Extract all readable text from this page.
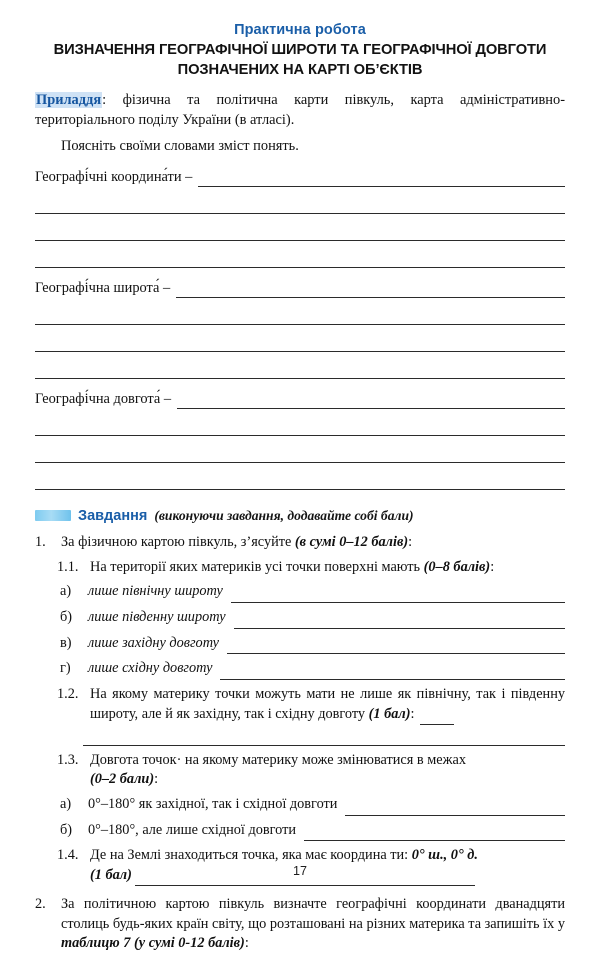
Практична робота
ВИЗНАЧЕННЯ ГЕОГРАФІЧНОЇ ШИРОТИ ТА ГЕОГРАФІЧНОЇ ДОВГОТИ
ПОЗНАЧЕНИХ НА КАРТІ ОБ’ЄКТІВ

Приладдя: фізична та політична карти півкуль, карта адміністративно-територіального поділу України (в атласі).

Поясніть своїми словами зміст понять.

Географі́чні координа́ти –
Географі́чна широта́ –
Географі́чна довгота́ –
Завдання (виконуючи завдання, додавайте собі бали)
1.	За фізичною картою півкуль, з’ясуйте (в сумі 0–12 балів):
1.1. На території яких материків усі точки поверхні мають (0–8 балів):
а)	лише північну широту
б)	лише південну широту
в)	лише західну довготу
г)	лише східну довготу
1.2. На якому материку точки можуть мати не лише як північну, так і південну широту, але й як західну, так і східну довготу (1 бал):
1.3. Довгота точок· на якому материку може змінюватися в межах
(0–2 бали):
а)	0°–180° як західної, так і східної довготи
б)	0°–180°, але лише східної довготи
1.4. Де на Землі знаходиться точка, яка має координа ти: 0° ш., 0° д.
(1 бал)
2.	За політичною картою півкуль визначте географічні координати дванадцяти столиць будь-яких країн світу, що розташовані на різних материка та запишіть їх у таблицю 7 (у сумі 0-12 балів):
17
